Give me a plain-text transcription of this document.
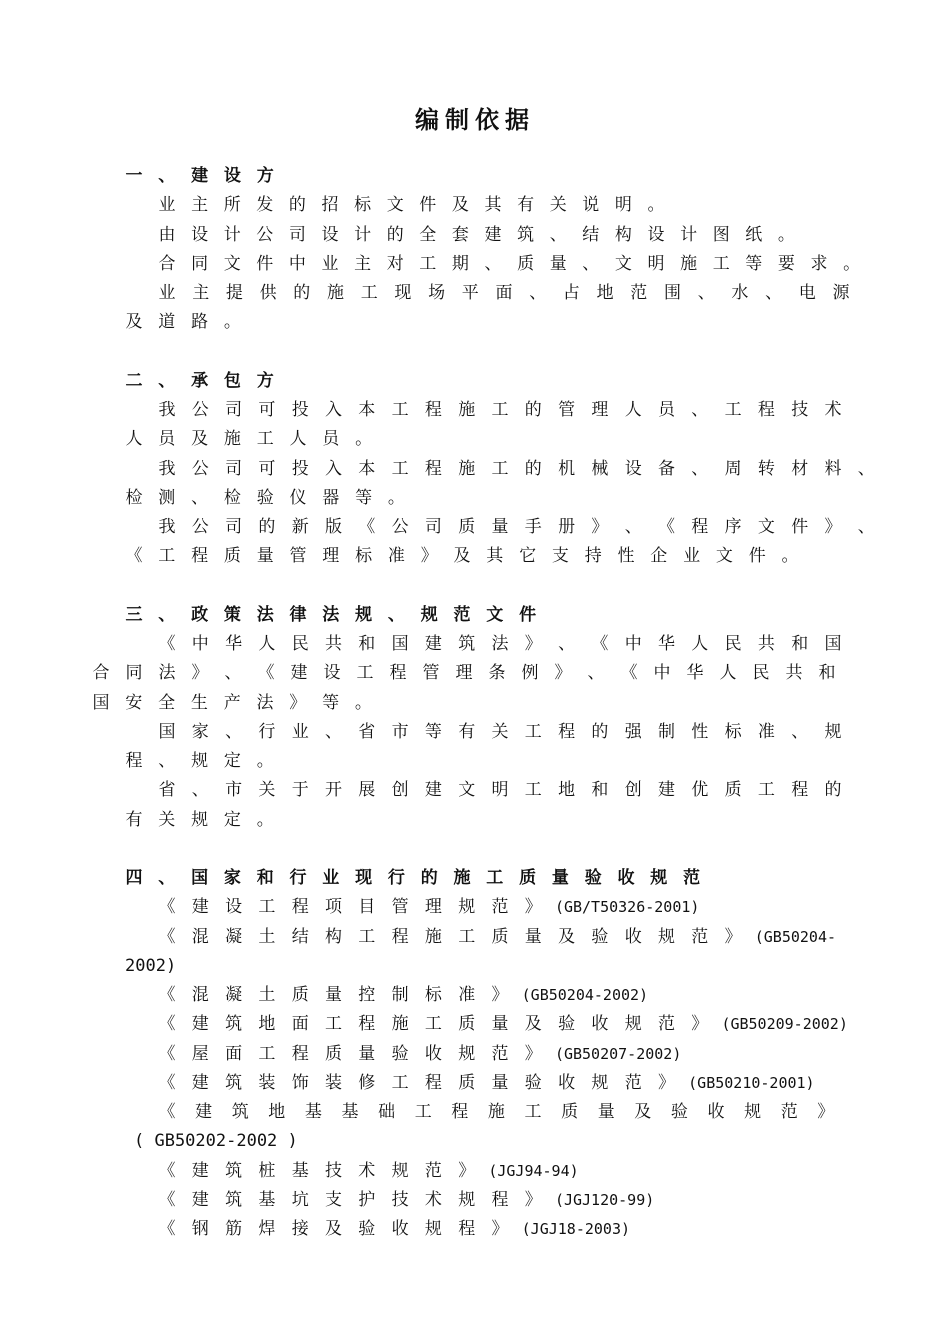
编制依据
一 、 建 设 方
业 主 所 发 的 招 标 文 件 及 其 有 关 说 明 。
由 设 计 公 司 设 计 的 全 套 建 筑 、 结 构 设 计 图 纸 。
合 同 文 件 中 业 主 对 工 期 、 质 量 、 文 明 施 工 等 要 求 。
业 主 提 供 的 施 工 现 场 平 面 、 占 地 范 围 、 水 、 电 源
及 道 路 。
二 、 承 包 方
我 公 司 可 投 入 本 工 程 施 工 的 管 理 人 员 、 工 程 技 术
人 员 及 施 工 人 员 。
我 公 司 可 投 入 本 工 程 施 工 的 机 械 设 备 、 周 转 材 料 、
检 测 、 检 验 仪 器 等 。
我 公 司 的 新 版 《 公 司 质 量 手 册 》 、 《 程 序 文 件 》 、
《 工 程 质 量 管 理 标 准 》 及 其 它 支 持 性 企 业 文 件 。
三 、 政 策 法 律 法 规 、 规 范 文 件
《 中 华 人 民 共 和 国 建 筑 法 》 、 《 中 华 人 民 共 和 国
合 同 法 》 、 《 建 设 工 程 管 理 条 例 》 、 《 中 华 人 民 共 和
国 安 全 生 产 法 》 等 。
国 家 、 行 业 、 省 市 等 有 关 工 程 的 强 制 性 标 准 、 规
程 、 规 定 。
省 、 市 关 于 开 展 创 建 文 明 工 地 和 创 建 优 质 工 程 的
有 关 规 定 。
四 、 国 家 和 行 业 现 行 的 施 工 质 量 验 收 规 范
《 建 设 工 程 项 目 管 理 规 范 》 (GB/T50326-2001)
《 混 凝 土 结 构 工 程 施 工 质 量 及 验 收 规 范 》 (GB50204-
2002)
《 混 凝 土 质 量 控 制 标 准 》 (GB50204-2002)
《 建 筑 地 面 工 程 施 工 质 量 及 验 收 规 范 》 (GB50209-2002)
《 屋 面 工 程 质 量 验 收 规 范 》 (GB50207-2002)
《 建 筑 装 饰 装 修 工 程 质 量 验 收 规 范 》 (GB50210-2001)
《 建 筑 地 基 基 础 工 程 施 工 质 量 及 验 收 规 范 》
( GB50202-2002 )
《 建 筑 桩 基 技 术 规 范 》 (JGJ94-94)
《 建 筑 基 坑 支 护 技 术 规 程 》 (JGJ120-99)
《 钢 筋 焊 接 及 验 收 规 程 》 (JGJ18-2003)
